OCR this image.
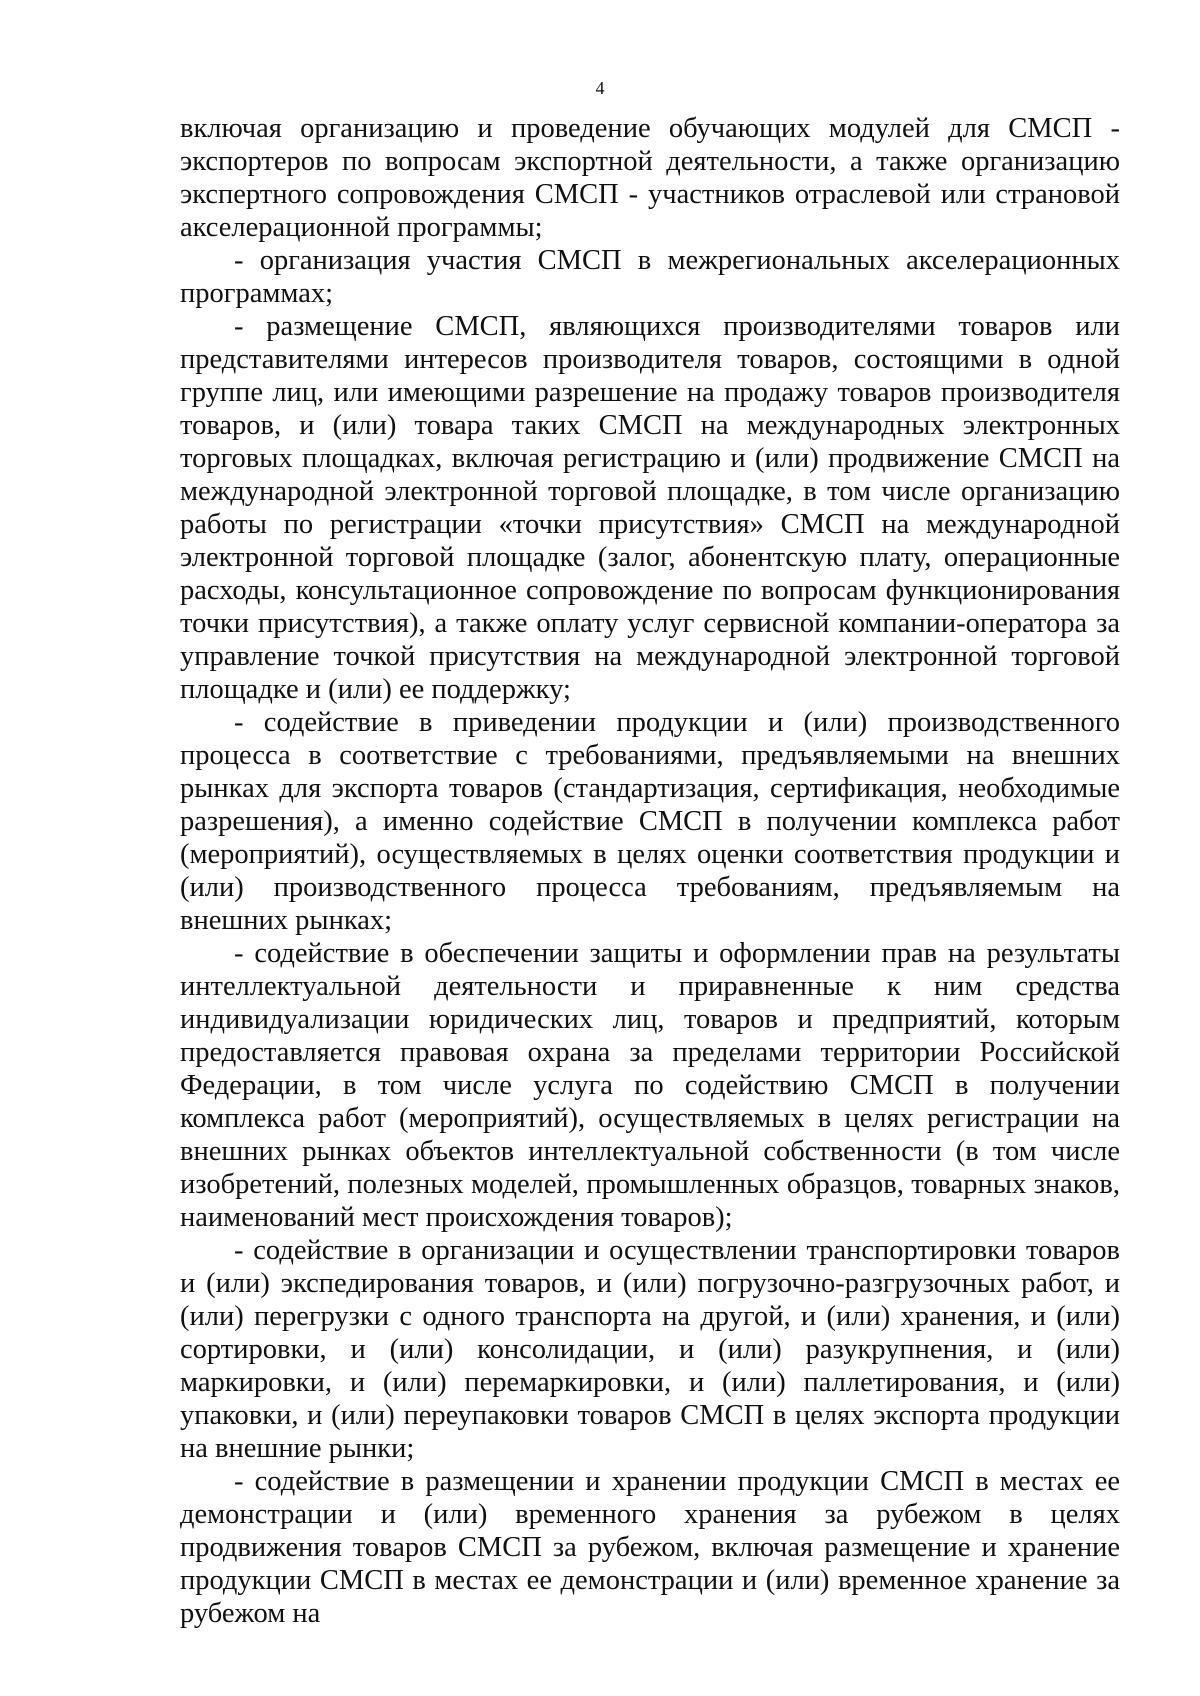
4

включая организацию и проведение обучающих модулей для СМСП - экспортеров по вопросам экспортной деятельности, а также организацию экспертного сопровождения СМСП - участников отраслевой или страновой акселерационной программы;

- организация участия СМСП в межрегиональных акселерационных программах;

- размещение СМСП, являющихся производителями товаров или представителями интересов производителя товаров, состоящими в одной группе лиц, или имеющими разрешение на продажу товаров производителя товаров, и (или) товара таких СМСП на международных электронных торговых площадках, включая регистрацию и (или) продвижение СМСП на международной электронной торговой площадке, в том числе организацию работы по регистрации «точки присутствия» СМСП на международной электронной торговой площадке (залог, абонентскую плату, операционные расходы, консультационное сопровождение по вопросам функционирования точки присутствия), а также оплату услуг сервисной компании-оператора за управление точкой присутствия на международной электронной торговой площадке и (или) ее поддержку;

- содействие в приведении продукции и (или) производственного процесса в соответствие с требованиями, предъявляемыми на внешних рынках для экспорта товаров (стандартизация, сертификация, необходимые разрешения), а именно содействие СМСП в получении комплекса работ (мероприятий), осуществляемых в целях оценки соответствия продукции и (или) производственного процесса требованиям, предъявляемым на внешних рынках;

- содействие в обеспечении защиты и оформлении прав на результаты интеллектуальной деятельности и приравненные к ним средства индивидуализации юридических лиц, товаров и предприятий, которым предоставляется правовая охрана за пределами территории Российской Федерации, в том числе услуга по содействию СМСП в получении комплекса работ (мероприятий), осуществляемых в целях регистрации на внешних рынках объектов интеллектуальной собственности (в том числе изобретений, полезных моделей, промышленных образцов, товарных знаков, наименований мест происхождения товаров);

- содействие в организации и осуществлении транспортировки товаров и (или) экспедирования товаров, и (или) погрузочно-разгрузочных работ, и (или) перегрузки с одного транспорта на другой, и (или) хранения, и (или) сортировки, и (или) консолидации, и (или) разукрупнения, и (или) маркировки, и (или) перемаркировки, и (или) паллетирования, и (или) упаковки, и (или) переупаковки товаров СМСП в целях экспорта продукции на внешние рынки;

- содействие в размещении и хранении продукции СМСП в местах ее демонстрации и (или) временного хранения за рубежом в целях продвижения товаров СМСП за рубежом, включая размещение и хранение продукции СМСП в местах ее демонстрации и (или) временное хранение за рубежом на
